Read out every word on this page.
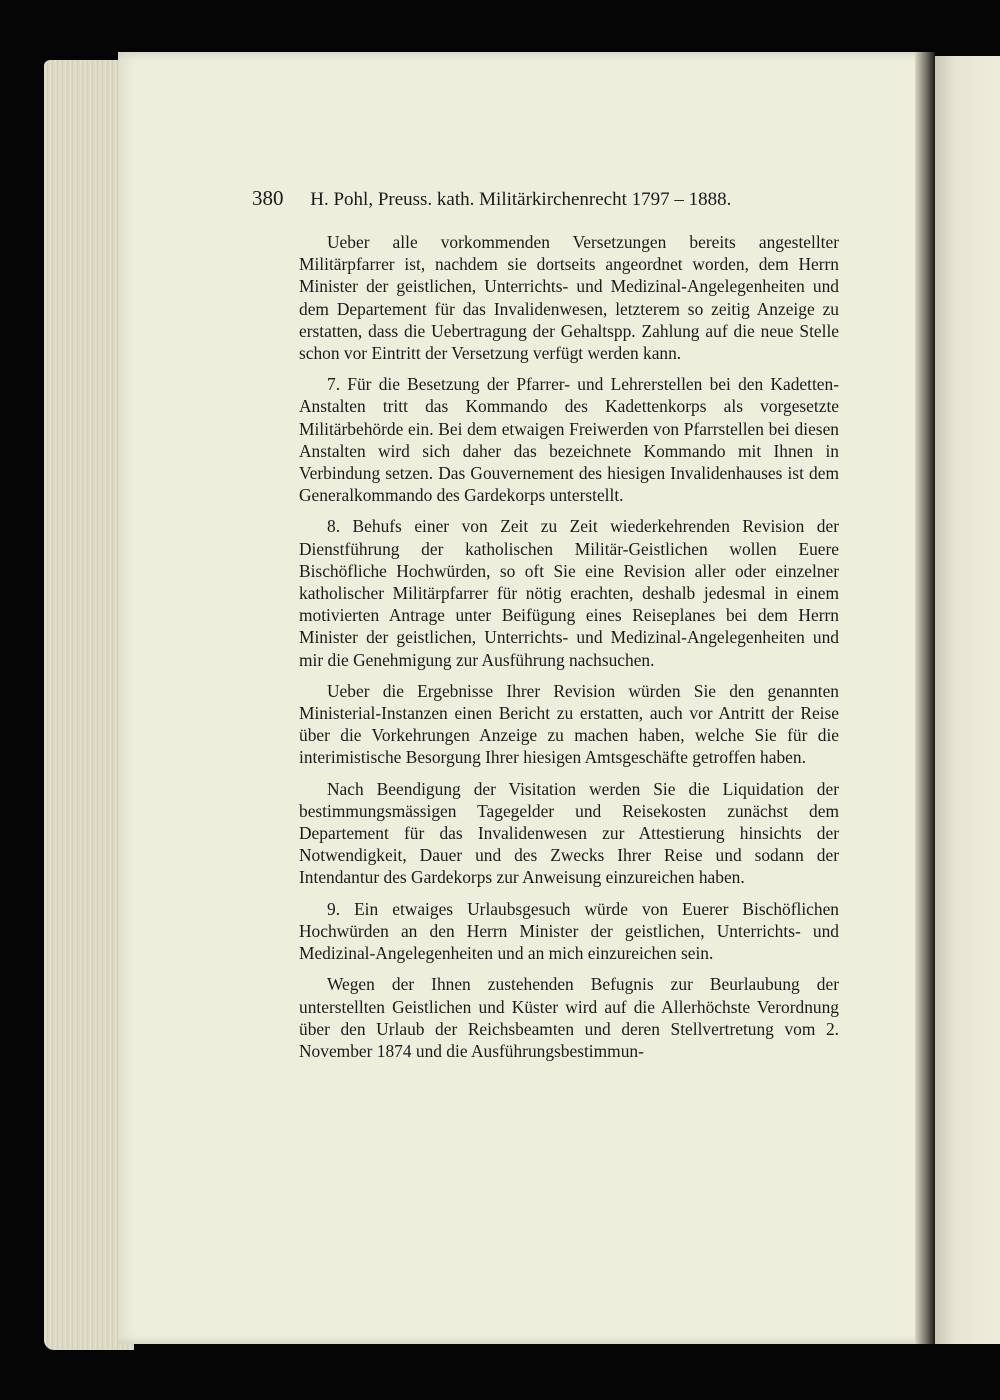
380 H. Pohl, Preuss. kath. Militärkirchenrecht 1797 – 1888.

Ueber alle vorkommenden Versetzungen bereits angestellter Militärpfarrer ist, nachdem sie dortseits angeordnet worden, dem Herrn Minister der geistlichen, Unterrichts- und Medizinal-Angelegenheiten und dem Departement für das Invalidenwesen, letzterem so zeitig Anzeige zu erstatten, dass die Uebertragung der Gehaltspp. Zahlung auf die neue Stelle schon vor Eintritt der Versetzung verfügt werden kann.

7. Für die Besetzung der Pfarrer- und Lehrerstellen bei den Kadetten-Anstalten tritt das Kommando des Kadettenkorps als vorgesetzte Militärbehörde ein. Bei dem etwaigen Freiwerden von Pfarrstellen bei diesen Anstalten wird sich daher das bezeichnete Kommando mit Ihnen in Verbindung setzen. Das Gouvernement des hiesigen Invalidenhauses ist dem Generalkommando des Gardekorps unterstellt.

8. Behufs einer von Zeit zu Zeit wiederkehrenden Revision der Dienstführung der katholischen Militär-Geistlichen wollen Euere Bischöfliche Hochwürden, so oft Sie eine Revision aller oder einzelner katholischer Militärpfarrer für nötig erachten, deshalb jedesmal in einem motivierten Antrage unter Beifügung eines Reiseplanes bei dem Herrn Minister der geistlichen, Unterrichts- und Medizinal-Angelegenheiten und mir die Genehmigung zur Ausführung nachsuchen.

Ueber die Ergebnisse Ihrer Revision würden Sie den genannten Ministerial-Instanzen einen Bericht zu erstatten, auch vor Antritt der Reise über die Vorkehrungen Anzeige zu machen haben, welche Sie für die interimistische Besorgung Ihrer hiesigen Amtsgeschäfte getroffen haben.

Nach Beendigung der Visitation werden Sie die Liquidation der bestimmungsmässigen Tagegelder und Reisekosten zunächst dem Departement für das Invalidenwesen zur Attestierung hinsichts der Notwendigkeit, Dauer und des Zwecks Ihrer Reise und sodann der Intendantur des Gardekorps zur Anweisung einzureichen haben.

9. Ein etwaiges Urlaubsgesuch würde von Euerer Bischöflichen Hochwürden an den Herrn Minister der geistlichen, Unterrichts- und Medizinal-Angelegenheiten und an mich einzureichen sein.

Wegen der Ihnen zustehenden Befugnis zur Beurlaubung der unterstellten Geistlichen und Küster wird auf die Allerhöchste Verordnung über den Urlaub der Reichsbeamten und deren Stellvertretung vom 2. November 1874 und die Ausführungsbestimmun-
